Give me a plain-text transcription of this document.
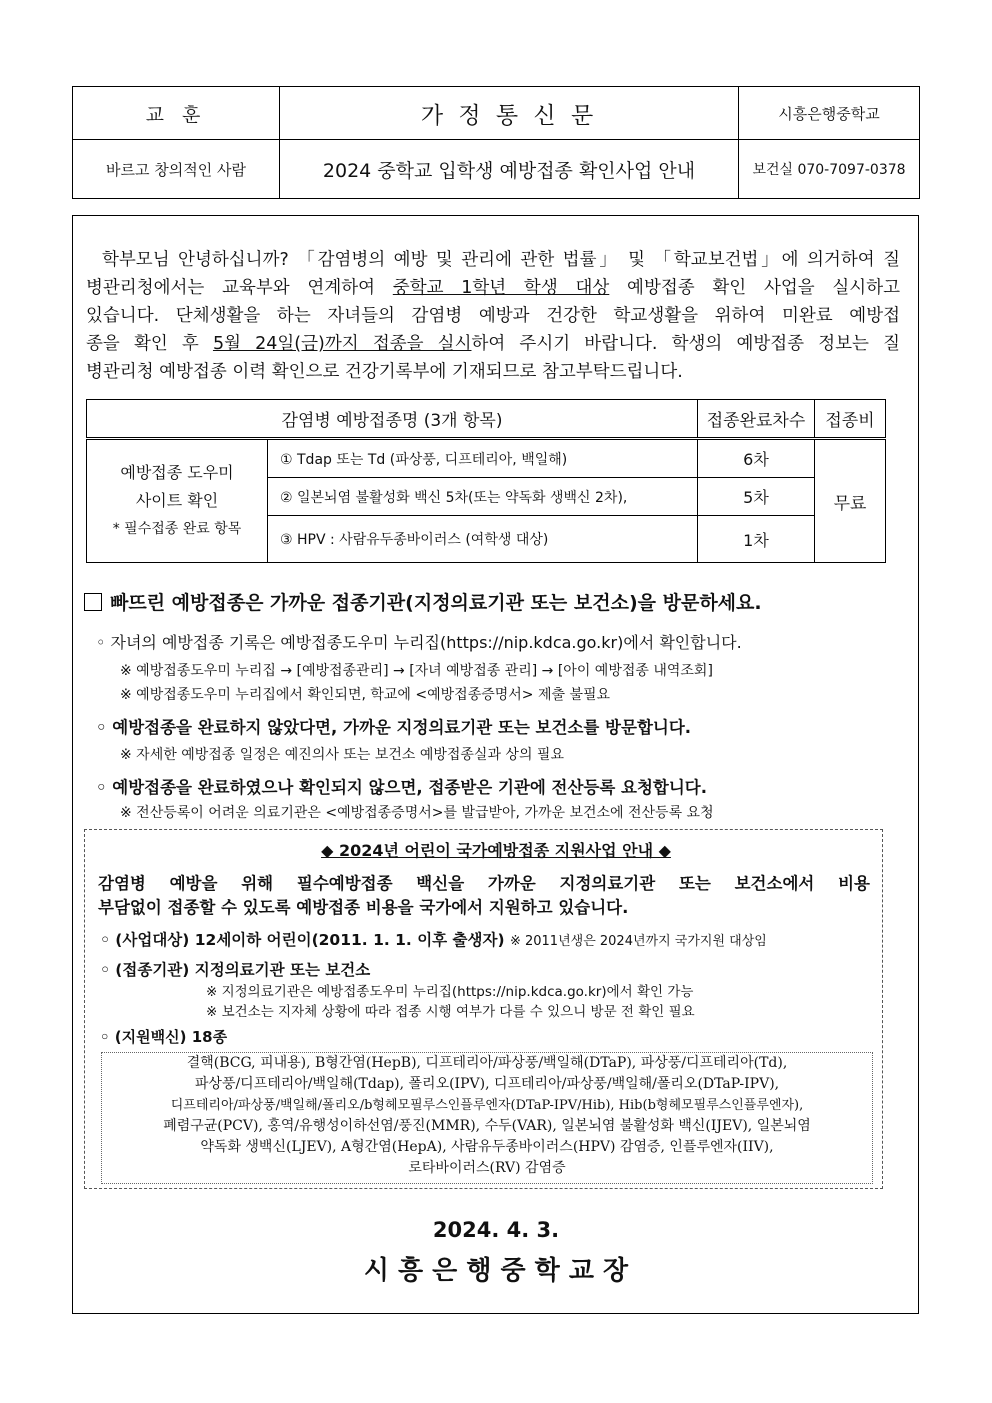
교 훈	가 정 통 신 문	시흥은행중학교
바르고 창의적인 사람	2024 중학교 입학생 예방접종 확인사업 안내	보건실 070-7097-0378

학부모님 안녕하십니까? 「감염병의 예방 및 관리에 관한 법률」 및 「학교보건법」에 의거하여 질

병관리청에서는 교육부와 연계하여 중학교 1학년 학생 대상 예방접종 확인 사업을 실시하고

있습니다. 단체생활을 하는 자녀들의 감염병 예방과 건강한 학교생활을 위하여 미완료 예방접

종을 확인 후 5월 24일(금)까지 접종을 실시하여 주시기 바랍니다. 학생의 예방접종 정보는 질

병관리청 예방접종 이력 확인으로 건강기록부에 기재되므로 참고부탁드립니다.

감염병 예방접종명 (3개 항목)		접종완료차수	접종비

예방접종 도우미
사이트 확인
* 필수접종 완료 항목	① Tdap 또는 Td (파상풍, 디프테리아, 백일해)	6차	무료
	② 일본뇌염 불활성화 백신 5차(또는 약독화 생백신 2차),	5차	
	③ HPV : 사람유두종바이러스 (여학생 대상)	1차	
빠뜨린 예방접종은 가까운 접종기관(지정의료기관 또는 보건소)을 방문하세요.
◦ 자녀의 예방접종 기록은 예방접종도우미 누리집(https://nip.kdca.go.kr)에서 확인합니다.
※ 예방접종도우미 누리집 → [예방접종관리] → [자녀 예방접종 관리] → [아이 예방접종 내역조회]
※ 예방접종도우미 누리집에서 확인되면, 학교에 <예방접종증명서> 제출 불필요
◦ 예방접종을 완료하지 않았다면, 가까운 지정의료기관 또는 보건소를 방문합니다.
※ 자세한 예방접종 일정은 예진의사 또는 보건소 예방접종실과 상의 필요
◦ 예방접종을 완료하였으나 확인되지 않으면, 접종받은 기관에 전산등록 요청합니다.
※ 전산등록이 어려운 의료기관은 <예방접종증명서>를 발급받아, 가까운 보건소에 전산등록 요청
◆ 2024년 어린이 국가예방접종 지원사업 안내 ◆
감염병 예방을 위해 필수예방접종 백신을 가까운 지정의료기관 또는 보건소에서 비용
부담없이 접종할 수 있도록 예방접종 비용을 국가에서 지원하고 있습니다.
◦ (사업대상) 12세이하 어린이(2011. 1. 1. 이후 출생자) ※ 2011년생은 2024년까지 국가지원 대상임
◦ (접종기관) 지정의료기관 또는 보건소
※ 지정의료기관은 예방접종도우미 누리집(https://nip.kdca.go.kr)에서 확인 가능
※ 보건소는 지자체 상황에 따라 접종 시행 여부가 다를 수 있으니 방문 전 확인 필요
◦ (지원백신) 18종

결핵(BCG, 피내용), B형간염(HepB), 디프테리아/파상풍/백일해(DTaP), 파상풍/디프테리아(Td),

파상풍/디프테리아/백일해(Tdap), 폴리오(IPV), 디프테리아/파상풍/백일해/폴리오(DTaP-IPV),

디프테리아/파상풍/백일해/폴리오/b형헤모필루스인플루엔자(DTaP-IPV/Hib), Hib(b형헤모필루스인플루엔자),

폐렴구균(PCV), 홍역/유행성이하선염/풍진(MMR), 수두(VAR), 일본뇌염 불활성화 백신(IJEV), 일본뇌염

약독화 생백신(LJEV), A형간염(HepA), 사람유두종바이러스(HPV) 감염증, 인플루엔자(IIV),

로타바이러스(RV) 감염증

2024. 4. 3.
시 흥 은 행 중 학 교 장
